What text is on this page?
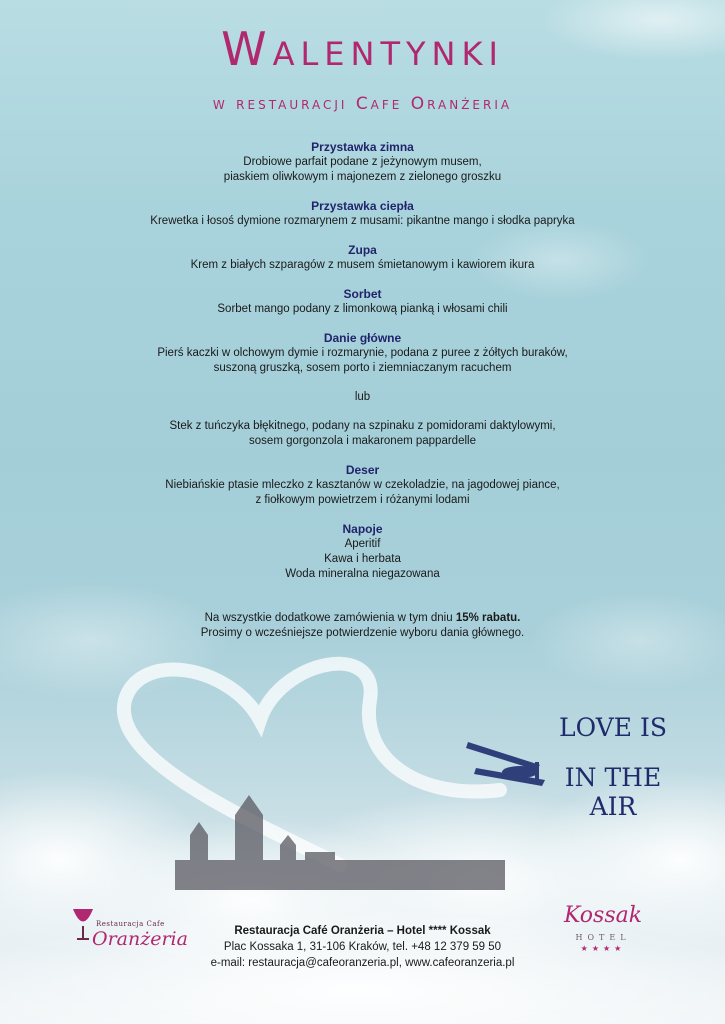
Walentynki
w restauracji Cafe Oranżeria
Przystawka zimna
Drobiowe parfait podane z jeżynowym musem,
piaskiem oliwkowym i majonezem z zielonego groszku
Przystawka ciepła
Krewetka i łosoś dymione rozmarynem z musami: pikantne mango i słodka papryka
Zupa
Krem z białych szparagów z musem śmietanowym i kawiorem ikura
Sorbet
Sorbet mango podany z limonkową pianką i włosami chili
Danie główne
Pierś kaczki w olchowym dymie i rozmarynie, podana z puree z żółtych buraków,
suszoną gruszką, sosem porto i ziemniaczanym racuchem
lub
Stek z tuńczyka błękitnego, podany na szpinaku z pomidorami daktylowymi,
sosem gorgonzola i makaronem pappardelle
Deser
Niebiańskie ptasie mleczko z kasztanów w czekoladzie, na jagodowej piance,
z fiołkowym powietrzem i różanymi lodami
Napoje
Aperitif
Kawa i herbata
Woda mineralna niegazowana
Na wszystkie dodatkowe zamówienia w tym dniu 15% rabatu.
Prosimy o wcześniejsze potwierdzenie wyboru dania głównego.
LOVE IS
IN THE AIR
Restauracja Cafe
Oranżeria	Restauracja Café Oranżeria – Hotel **** Kossak
Plac Kossaka 1, 31-106 Kraków, tel. +48 12 379 59 50
e-mail: restauracja@cafeoranzeria.pl, www.cafeoranzeria.pl
Kossak
HOTEL
★★★★
